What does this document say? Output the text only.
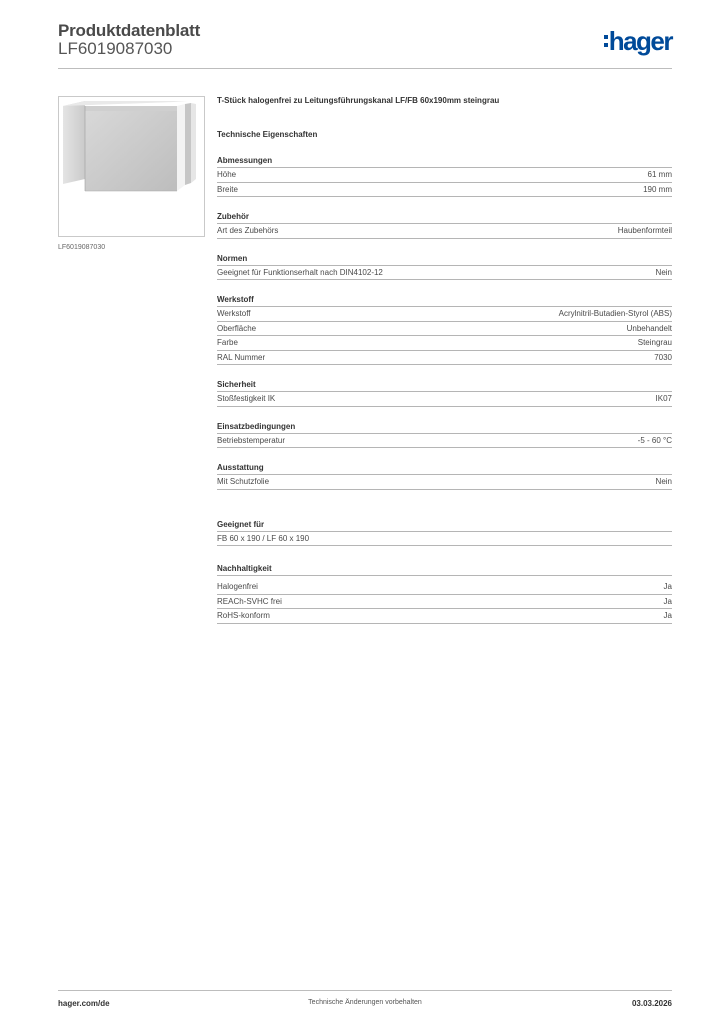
Produktdatenblatt
LF6019087030	hager
LF6019087030
T-Stück halogenfrei zu Leitungsführungskanal LF/FB 60x190mm steingrau
Technische Eigenschaften
Abmessungen
Höhe	61 mm
Breite	190 mm
Zubehör
Art des Zubehörs	Haubenformteil
Normen
Geeignet für Funktionserhalt nach DIN4102-12	Nein
Werkstoff
Werkstoff	Acrylnitril-Butadien-Styrol (ABS)
Oberfläche	Unbehandelt
Farbe	Steingrau
RAL Nummer	7030
Sicherheit
Stoßfestigkeit IK	IK07
Einsatzbedingungen
Betriebstemperatur	-5 - 60 °C
Ausstattung
Mit Schutzfolie	Nein
Geeignet für
FB 60 x 190 / LF 60 x 190
Nachhaltigkeit
Halogenfrei	Ja
REACh-SVHC frei	Ja
RoHS-konform	Ja
hager.com/de	Technische Änderungen vorbehalten	03.03.2026
